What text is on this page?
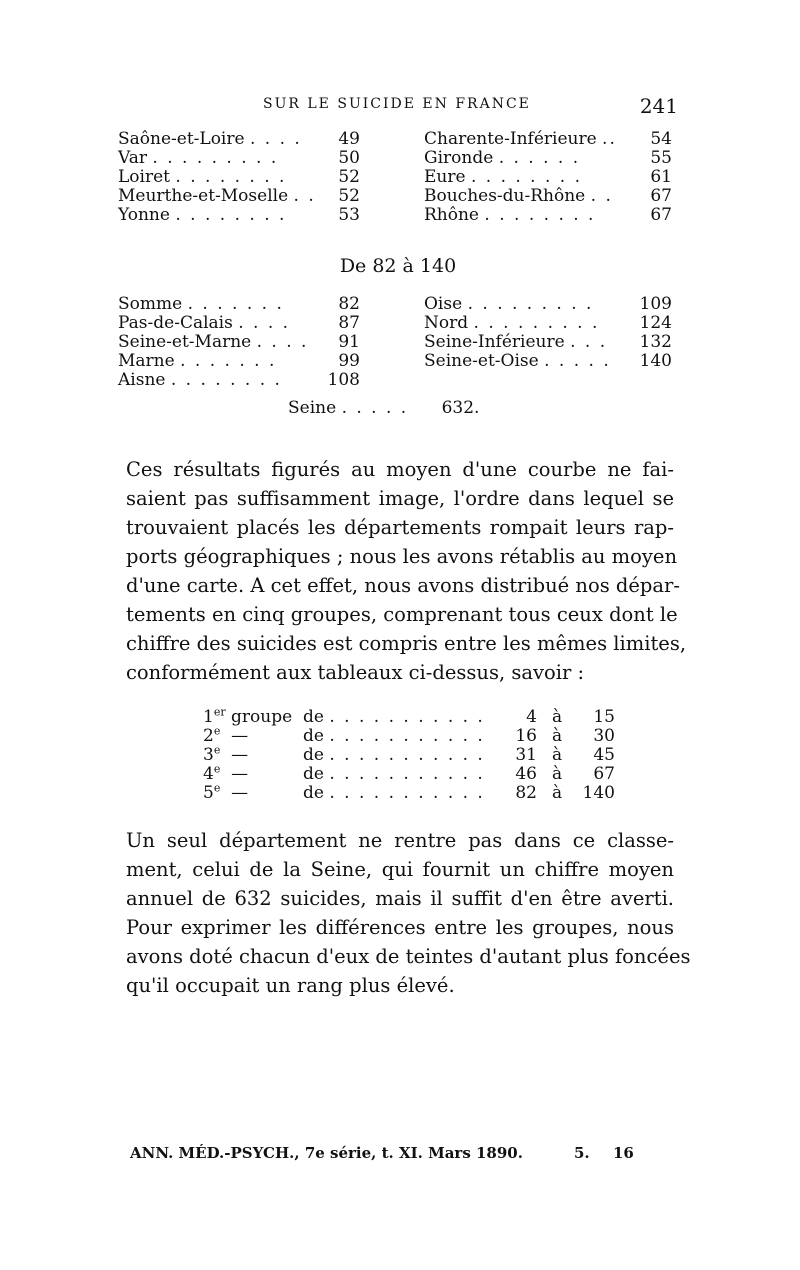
SUR LE SUICIDE EN FRANCE	241
Saône-et-Loire . . . . 49	Charente-Inférieure .. 54
Var . . . . . . . . .	50	Gironde . . . . . .	55
Loiret . . . . . . . .	52	Eure . . . . . . . .	61
Meurthe-et-Moselle . . 52	Bouches-du-Rhône . . 67
Yonne . . . . . . . .	53	Rhône . . . . . . . .	67
De 82 à 140
Somme . . . . . . .	82	Oise . . . . . . . . .	109
Pas-de-Calais . . . .	87	Nord . . . . . . . . . 124
Seine-et-Marne . . . . 91	Seine-Inférieure . . . 132
Marne . . . . . . .	99	Seine-et-Oise . . . . . 140
Aisne . . . . . . . .	108
Seine . . . . . 632.
Ces résultats figurés au moyen d'une courbe ne fai-
saient pas suffisamment image, l'ordre dans lequel se
trouvaient placés les départements rompait leurs rap-
ports géographiques ; nous les avons rétablis au moyen
d'une carte. A cet effet, nous avons distribué nos dépar-
tements en cinq groupes, comprenant tous ceux dont le
chiffre des suicides est compris entre les mêmes limites,
conformément aux tableaux ci-dessus, savoir :
1er groupe de . . . . . . . . . . . 4 à 15
2e  —	de . . . . . . . . . . . 16 à 30
3e  —	de . . . . . . . . . . . 31 à 45
4e  —	de . . . . . . . . . . . 46 à 67
5e  —	de . . . . . . . . . . . 82 à 140
Un seul département ne rentre pas dans ce classe-
ment, celui de la Seine, qui fournit un chiffre moyen
annuel de 632 suicides, mais il suffit d'en être averti.
Pour exprimer les différences entre les groupes, nous
avons doté chacun d'eux de teintes d'autant plus foncées
qu'il occupait un rang plus élevé.
ANN. MÉD.-PSYCH., 7e série, t. XI. Mars 1890.	5. 16
